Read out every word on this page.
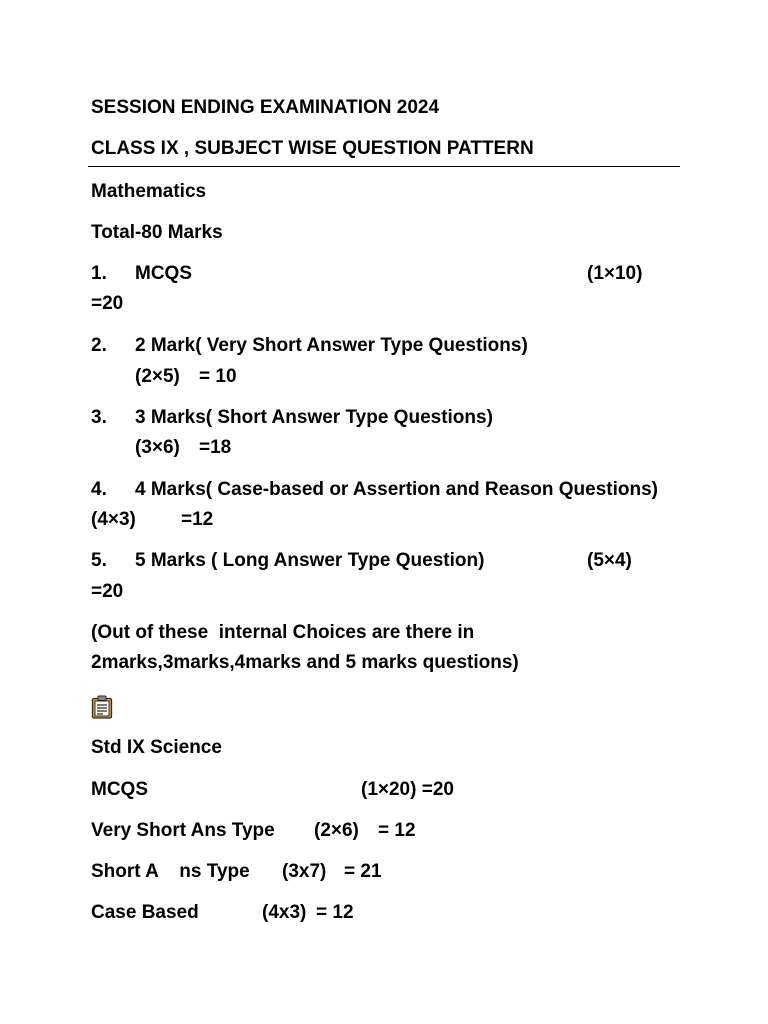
SESSION ENDING EXAMINATION 2024
CLASS IX , SUBJECT WISE QUESTION PATTERN
Mathematics
Total-80 Marks
1. MCQS	(1×10)
=20
2. 2 Mark( Very Short Answer Type Questions)
(2×5) = 10
3. 3 Marks( Short Answer Type Questions)
(3×6) =18
4. 4 Marks( Case-based or Assertion and Reason Questions)
(4×3) =12
5. 5 Marks ( Long Answer Type Question)	(5×4)
=20
(Out of these  internal Choices are there in
2marks,3marks,4marks and 5 marks questions)
Std IX Science
MCQS	(1×20) =20
Very Short Ans Type (2×6) = 12
Short A    ns Type (3x7) = 21
Case Based	(4x3) = 12
